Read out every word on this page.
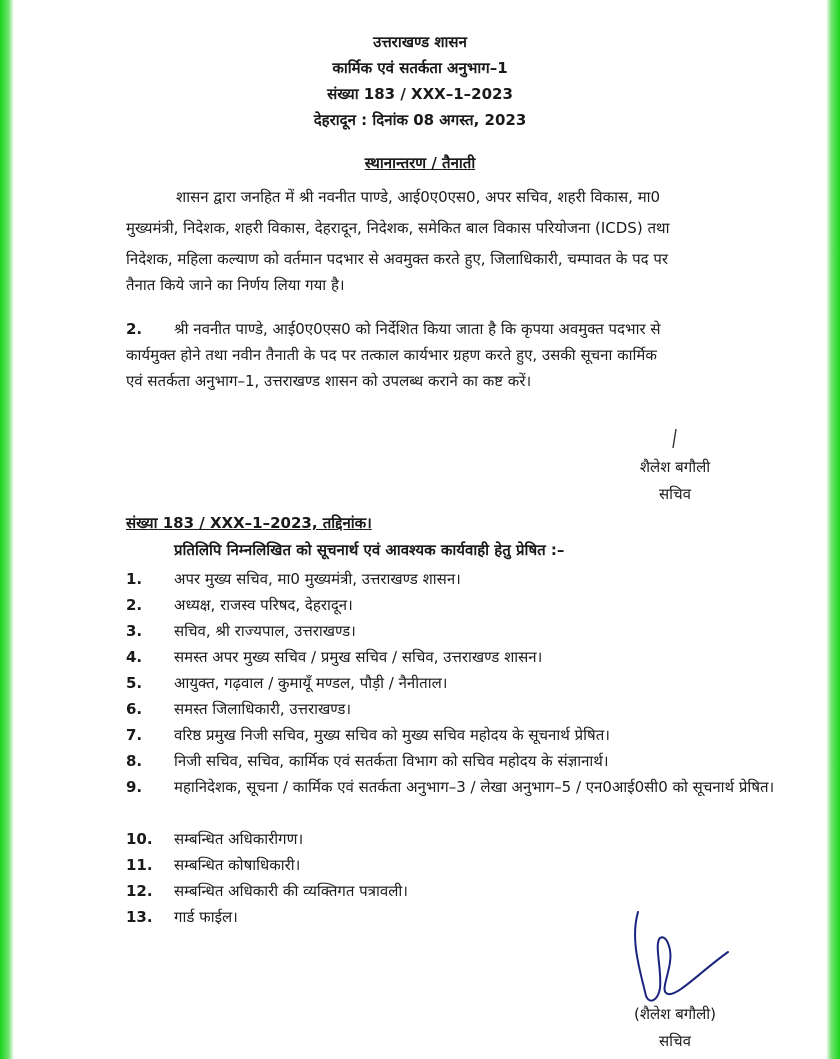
उत्तराखण्ड शासन
कार्मिक एवं सतर्कता अनुभाग–1
संख्या 183 / XXX–1–2023
देहरादून : दिनांक 08 अगस्त, 2023
स्थानान्तरण / तैनाती
शासन द्वारा जनहित में श्री नवनीत पाण्डे, आई0ए0एस0, अपर सचिव, शहरी विकास, मा0
मुख्यमंत्री, निदेशक, शहरी विकास, देहरादून, निदेशक, समेकित बाल विकास परियोजना (ICDS) तथा
निदेशक, महिला कल्याण को वर्तमान पदभार से अवमुक्त करते हुए, जिलाधिकारी, चम्पावत के पद पर
तैनात किये जाने का निर्णय लिया गया है।
2. श्री नवनीत पाण्डे, आई0ए0एस0 को निर्देशित किया जाता है कि कृपया अवमुक्त पदभार से
कार्यमुक्त होने तथा नवीन तैनाती के पद पर तत्काल कार्यभार ग्रहण करते हुए, उसकी सूचना कार्मिक
एवं सतर्कता अनुभाग–1, उत्तराखण्ड शासन को उपलब्ध कराने का कष्ट करें।
शैलेश बगौली
सचिव
संख्या 183 / XXX–1–2023, तद्दिनांक।
प्रतिलिपि निम्नलिखित को सूचनार्थ एवं आवश्यक कार्यवाही हेतु प्रेषित :–
1. अपर मुख्य सचिव, मा0 मुख्यमंत्री, उत्तराखण्ड शासन।
2. अध्यक्ष, राजस्व परिषद, देहरादून।
3. सचिव, श्री राज्यपाल, उत्तराखण्ड।
4. समस्त अपर मुख्य सचिव / प्रमुख सचिव / सचिव, उत्तराखण्ड शासन।
5. आयुक्त, गढ़वाल / कुमायूँ मण्डल, पौड़ी / नैनीताल।
6. समस्त जिलाधिकारी, उत्तराखण्ड।
7. वरिष्ठ प्रमुख निजी सचिव, मुख्य सचिव को मुख्य सचिव महोदय के सूचनार्थ प्रेषित।
8. निजी सचिव, सचिव, कार्मिक एवं सतर्कता विभाग को सचिव महोदय के संज्ञानार्थ।
9. महानिदेशक, सूचना / कार्मिक एवं सतर्कता अनुभाग–3 / लेखा अनुभाग–5 / एन0आई0सी0 को सूचनार्थ प्रेषित।
10. सम्बन्धित अधिकारीगण।
11. सम्बन्धित कोषाधिकारी।
12. सम्बन्धित अधिकारी की व्यक्तिगत पत्रावली।
13. गार्ड फाईल।
(शैलेश बगौली)
सचिव
